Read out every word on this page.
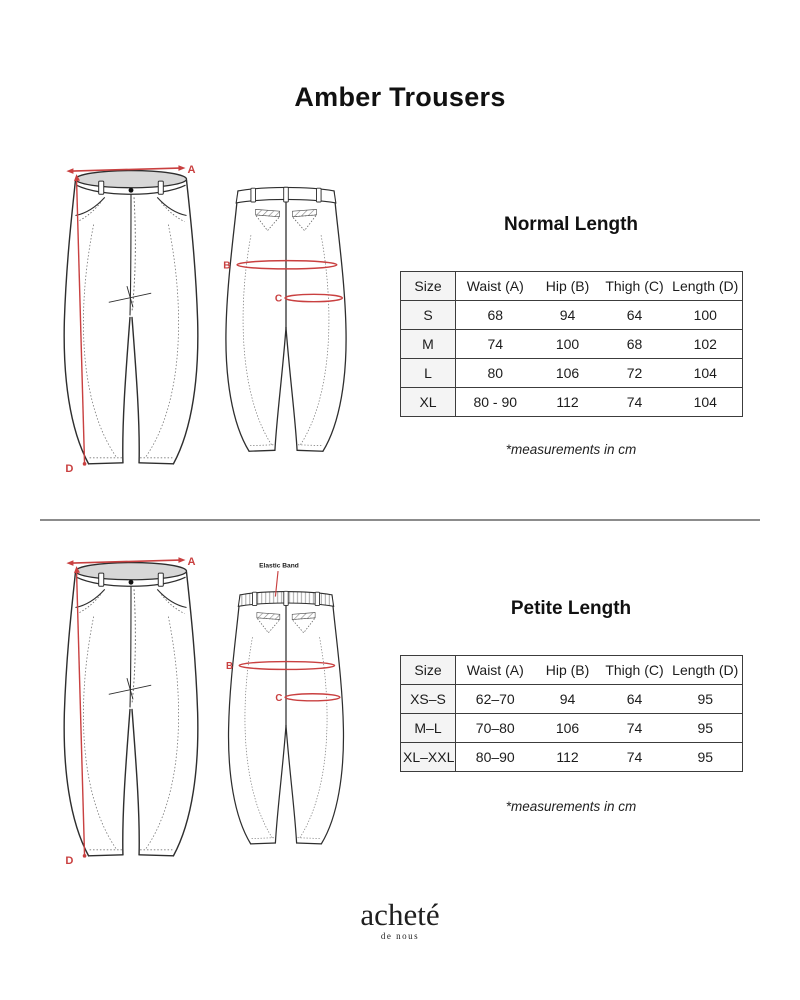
Amber Trousers
A
D
B
C
Normal Length
Size	Waist (A)	Hip (B)	Thigh (C)	Length (D)
S	68	94	64	100
M	74	100	68	102
L	80	106	72	104
XL	80 - 90	112	74	104
*measurements in cm
A
D
Elastic Band
B
C
Petite Length
Size	Waist (A)	Hip (B)	Thigh (C)	Length (D)
XS–S	62–70	94	64	95
M–L	70–80	106	74	95
XL–XXL	80–90	112	74	95
*measurements in cm
acheté
de nous
